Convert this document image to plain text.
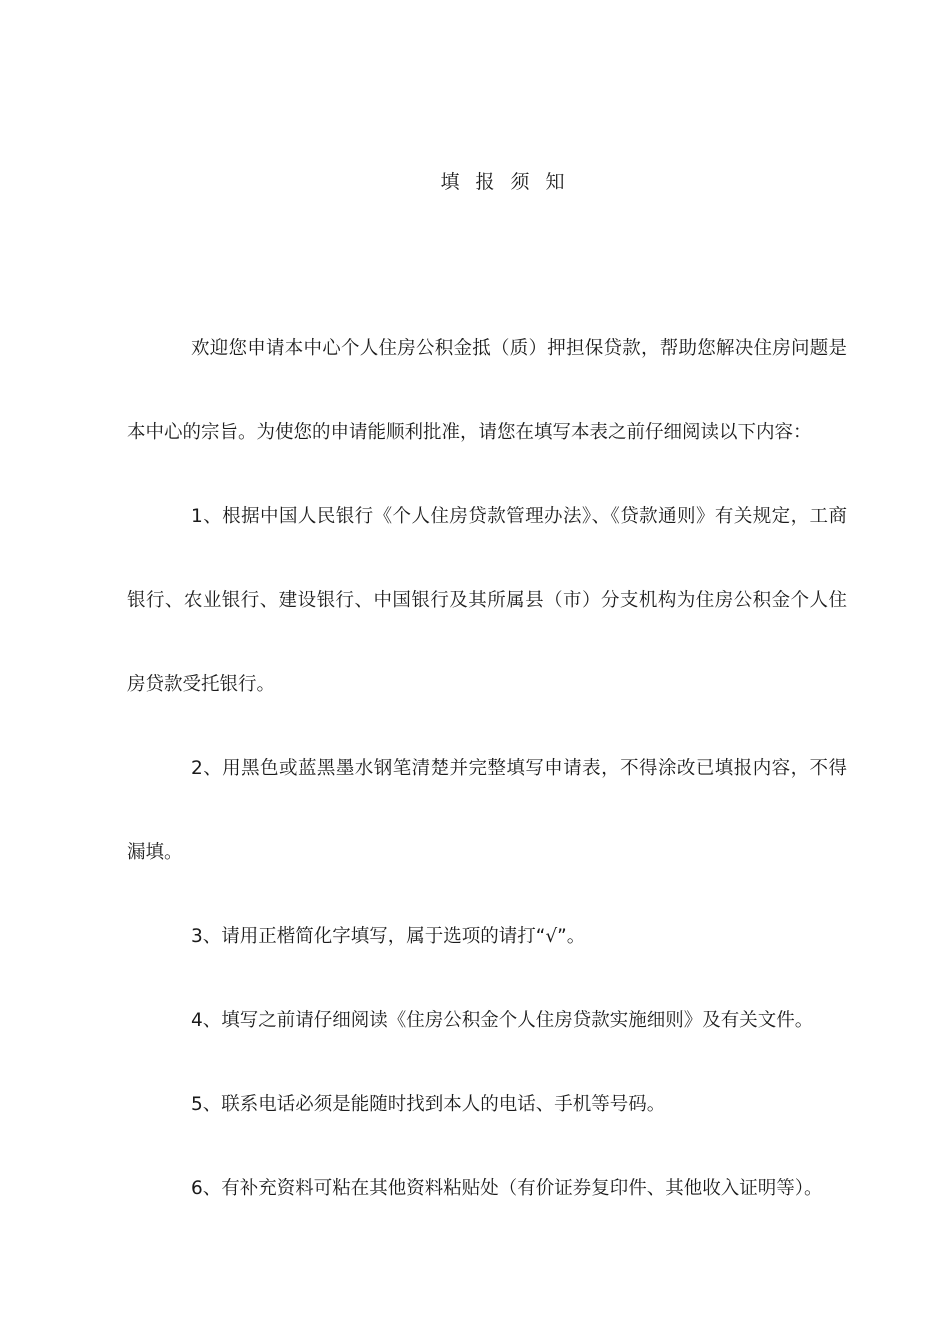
填 报 须 知

欢迎您申请本中心个人住房公积金抵（质）押担保贷款，帮助您解决住房问题是本中心的宗旨。为使您的申请能顺利批准，请您在填写本表之前仔细阅读以下内容：

1、根据中国人民银行《个人住房贷款管理办法》、《贷款通则》有关规定，工商银行、农业银行、建设银行、中国银行及其所属县（市）分支机构为住房公积金个人住房贷款受托银行。

2、用黑色或蓝黑墨水钢笔清楚并完整填写申请表，不得涂改已填报内容，不得漏填。

3、请用正楷简化字填写，属于选项的请打“√”。

4、填写之前请仔细阅读《住房公积金个人住房贷款实施细则》及有关文件。

5、联系电话必须是能随时找到本人的电话、手机等号码。

6、有补充资料可粘在其他资料粘贴处（有价证券复印件、其他收入证明等）。
